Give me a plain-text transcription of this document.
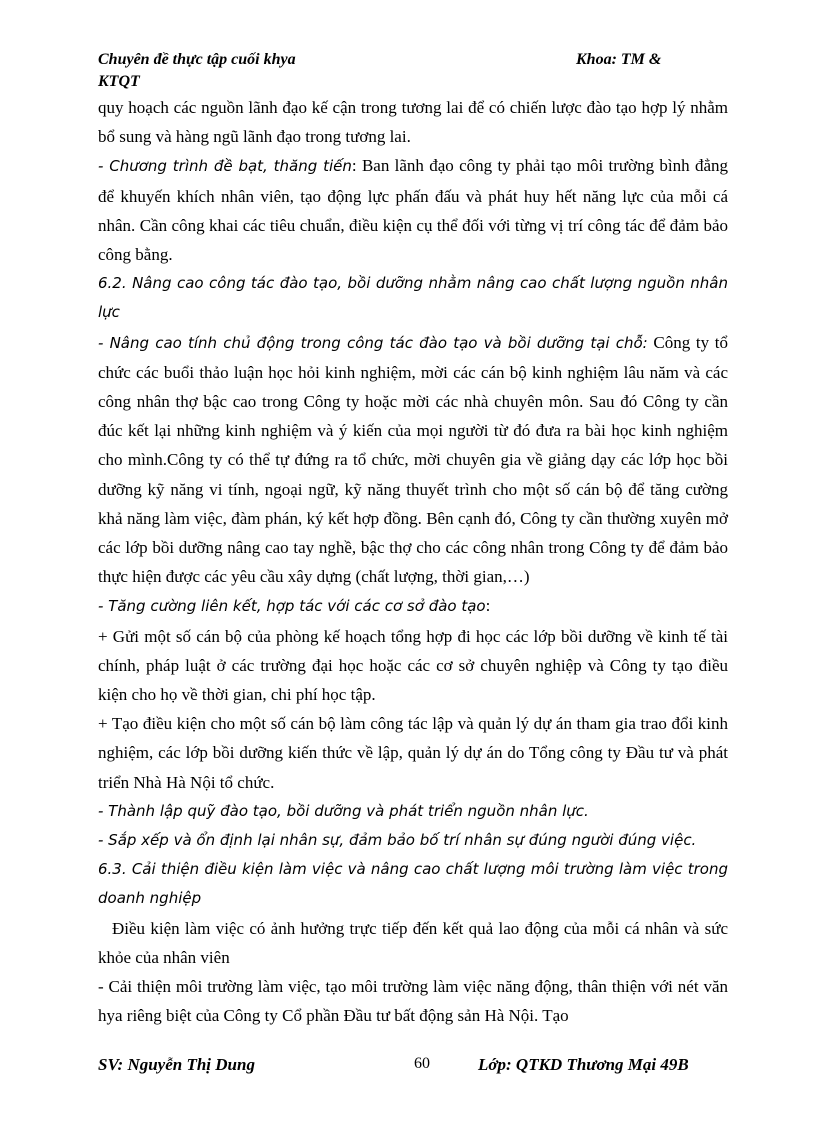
Chuyên đề thực tập cuối khya	Khoa: TM &
KTQT

quy hoạch các nguồn lãnh đạo kế cận trong tương lai để có chiến lược đào tạo hợp lý nhằm bổ sung và hàng ngũ lãnh đạo trong tương lai.

- Chương trình đề bạt, thăng tiến: Ban lãnh đạo công ty phải tạo môi trường bình đẳng để khuyến khích nhân viên, tạo động lực phấn đấu và phát huy hết năng lực của mỗi cá nhân. Cần công khai các tiêu chuẩn, điều kiện cụ thể đối với từng vị trí công tác để đảm bảo công bằng.

6.2. Nâng cao công tác đào tạo, bồi dưỡng nhằm nâng cao chất lượng nguồn nhân lực

- Nâng cao tính chủ động trong công tác đào tạo và bồi dưỡng tại chỗ: Công ty tổ chức các buổi thảo luận học hỏi kinh nghiệm, mời các cán bộ kinh nghiệm lâu năm và các công nhân thợ bậc cao trong Công ty hoặc mời các nhà chuyên môn. Sau đó Công ty cần đúc kết lại những kinh nghiệm và ý kiến của mọi người từ đó đưa ra bài học kinh nghiệm cho mình.Công ty có thể tự đứng ra tổ chức, mời chuyên gia về giảng dạy các lớp học bồi dưỡng kỹ năng vi tính, ngoại ngữ, kỹ năng thuyết trình cho một số cán bộ để tăng cường khả năng làm việc, đàm phán, ký kết hợp đồng. Bên cạnh đó, Công ty cần thường xuyên mở các lớp bồi dưỡng nâng cao tay nghề, bậc thợ cho các công nhân trong Công ty để đảm bảo thực hiện được các yêu cầu xây dựng (chất lượng, thời gian,…)

- Tăng cường liên kết, hợp tác với các cơ sở đào tạo:

+ Gửi một số cán bộ của phòng kế hoạch tổng hợp đi học các lớp bồi dưỡng về kinh tế tài chính, pháp luật ở các trường đại học hoặc các cơ sở chuyên nghiệp và Công ty tạo điều kiện cho họ về thời gian, chi phí học tập.

+ Tạo điều kiện cho một số cán bộ làm công tác lập và quản lý dự án tham gia trao đổi kinh nghiệm, các lớp bồi dưỡng kiến thức về lập, quản lý dự án do Tổng công ty Đầu tư và phát triển Nhà Hà Nội tổ chức.

- Thành lập quỹ đào tạo, bồi dưỡng và phát triển nguồn nhân lực.

- Sắp xếp và ổn định lại nhân sự, đảm bảo bố trí nhân sự đúng người đúng việc.

6.3. Cải thiện điều kiện làm việc và nâng cao chất lượng môi trường làm việc trong doanh nghiệp

Điều kiện làm việc có ảnh hưởng trực tiếp đến kết quả lao động của mỗi cá nhân và sức khỏe của nhân viên

- Cải thiện môi trường làm việc, tạo môi trường làm việc năng động, thân thiện với nét văn hya riêng biệt của Công ty Cổ phần Đầu tư bất động sản Hà Nội. Tạo

SV: Nguyễn Thị Dung	60	Lớp: QTKD Thương Mại 49B
